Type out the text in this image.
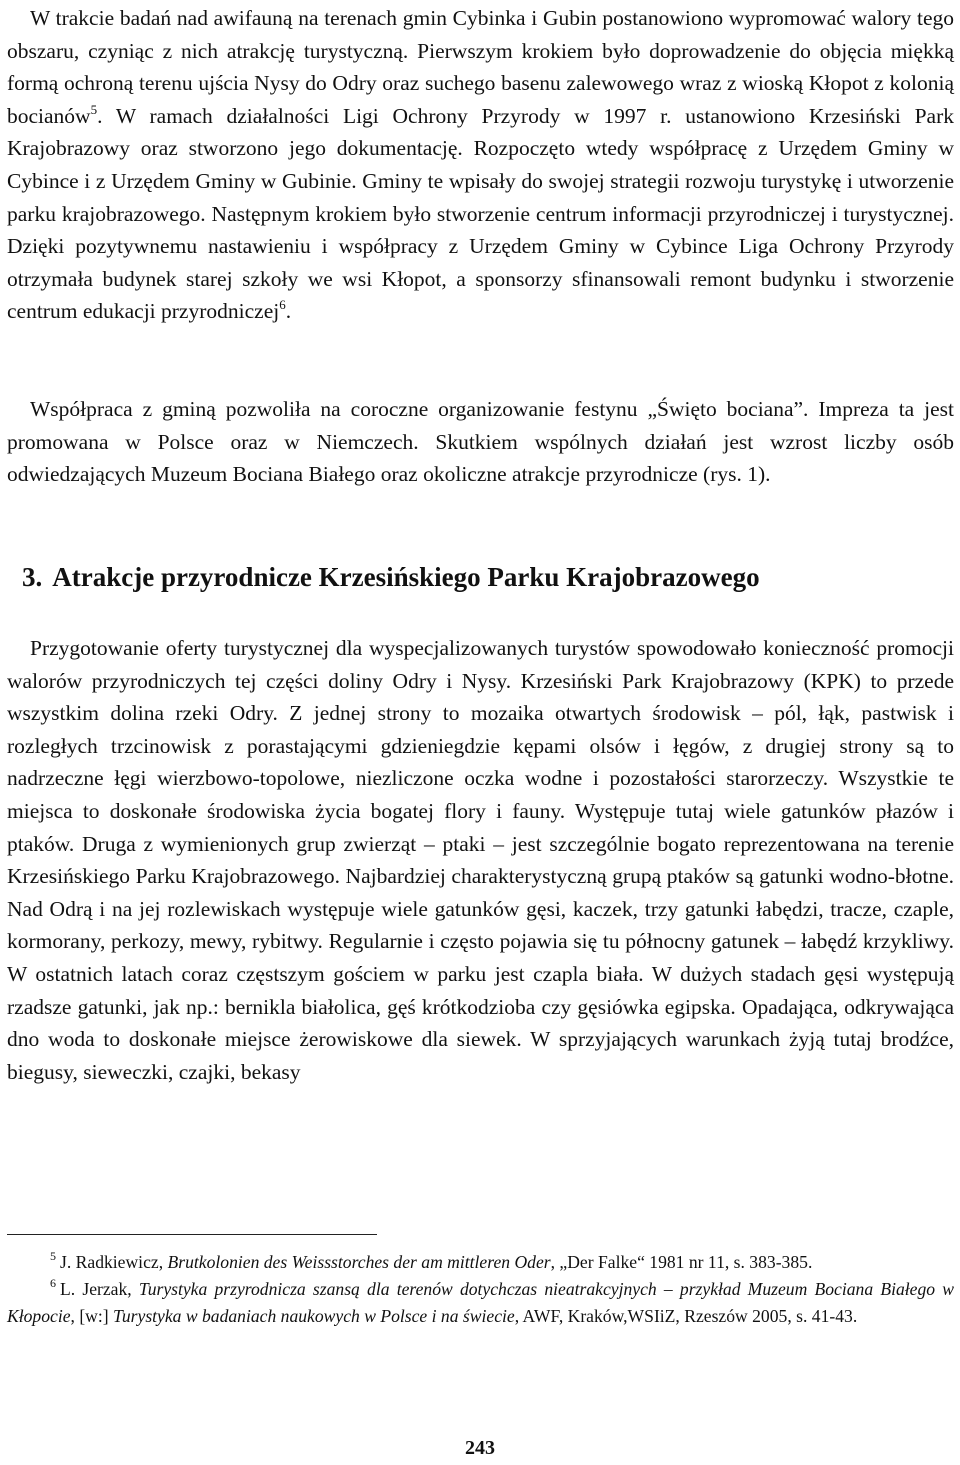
W trakcie badań nad awifauną na terenach gmin Cybinka i Gubin postanowiono wypromować walory tego obszaru, czyniąc z nich atrakcję turystyczną. Pierwszym krokiem było doprowadzenie do objęcia miękką formą ochroną terenu ujścia Nysy do Odry oraz suchego basenu zalewowego wraz z wioską Kłopot z kolonią bocianów$^5$. W ramach działalności Ligi Ochrony Przyrody w 1997 r. ustanowiono Krzesiński Park Krajobrazowy oraz stworzono jego dokumentację. Rozpoczęto wtedy współpracę z Urzędem Gminy w Cybince i z Urzędem Gminy w Gubinie. Gminy te wpisały do swojej strategii rozwoju turystykę i utworzenie parku krajobrazowego. Następnym krokiem było stworzenie centrum informacji przyrodniczej i turystycznej. Dzięki pozytywnemu nastawieniu i współpracy z Urzędem Gminy w Cybince Liga Ochrony Przyrody otrzymała budynek starej szkoły we wsi Kłopot, a sponsorzy sfinansowali remont budynku i stworzenie centrum edukacji przyrodniczej$^6$.

Współpraca z gminą pozwoliła na coroczne organizowanie festynu „Święto bociana”. Impreza ta jest promowana w Polsce oraz w Niemczech. Skutkiem wspólnych działań jest wzrost liczby osób odwiedzających Muzeum Bociana Białego oraz okoliczne atrakcje przyrodnicze (rys. 1).

3. Atrakcje przyrodnicze Krzesińskiego Parku Krajobrazowego

Przygotowanie oferty turystycznej dla wyspecjalizowanych turystów spowodowało konieczność promocji walorów przyrodniczych tej części doliny Odry i Nysy. Krzesiński Park Krajobrazowy (KPK) to przede wszystkim dolina rzeki Odry. Z jednej strony to mozaika otwartych środowisk – pól, łąk, pastwisk i rozległych trzcinowisk z porastającymi gdzieniegdzie kępami olsów i łęgów, z drugiej strony są to nadrzeczne łęgi wierzbowo-topolowe, niezliczone oczka wodne i pozostałości starorzeczy. Wszystkie te miejsca to doskonałe środowiska życia bogatej flory i fauny. Występuje tutaj wiele gatunków płazów i ptaków. Druga z wymienionych grup zwierząt – ptaki – jest szczególnie bogato reprezentowana na terenie Krzesińskiego Parku Krajobrazowego. Najbardziej charakterystyczną grupą ptaków są gatunki wodno-błotne. Nad Odrą i na jej rozlewiskach występuje wiele gatunków gęsi, kaczek, trzy gatunki łabędzi, tracze, czaple, kormorany, perkozy, mewy, rybitwy. Regularnie i często pojawia się tu północny gatunek – łabędź krzykliwy. W ostatnich latach coraz częstszym gościem w parku jest czapla biała. W dużych stadach gęsi występują rzadsze gatunki, jak np.: bernikla białolica, gęś krótkodzioba czy gęsiówka egipska. Opadająca, odkrywająca dno woda to doskonałe miejsce żerowiskowe dla siewek. W sprzyjających warunkach żyją tutaj brodźce, biegusy, sieweczki, czajki, bekasy

$^5$ J. Radkiewicz, Brutkolonien des Weissstorches der am mittleren Oder, „Der Falke“ 1981 nr 11, s. 383-385.

$^6$ L. Jerzak, Turystyka przyrodnicza szansą dla terenów dotychczas nieatrakcyjnych – przykład Muzeum Bociana Białego w Kłopocie, [w:] Turystyka w badaniach naukowych w Polsce i na świecie, AWF, Kraków,WSIiZ, Rzeszów 2005, s. 41-43.

243
